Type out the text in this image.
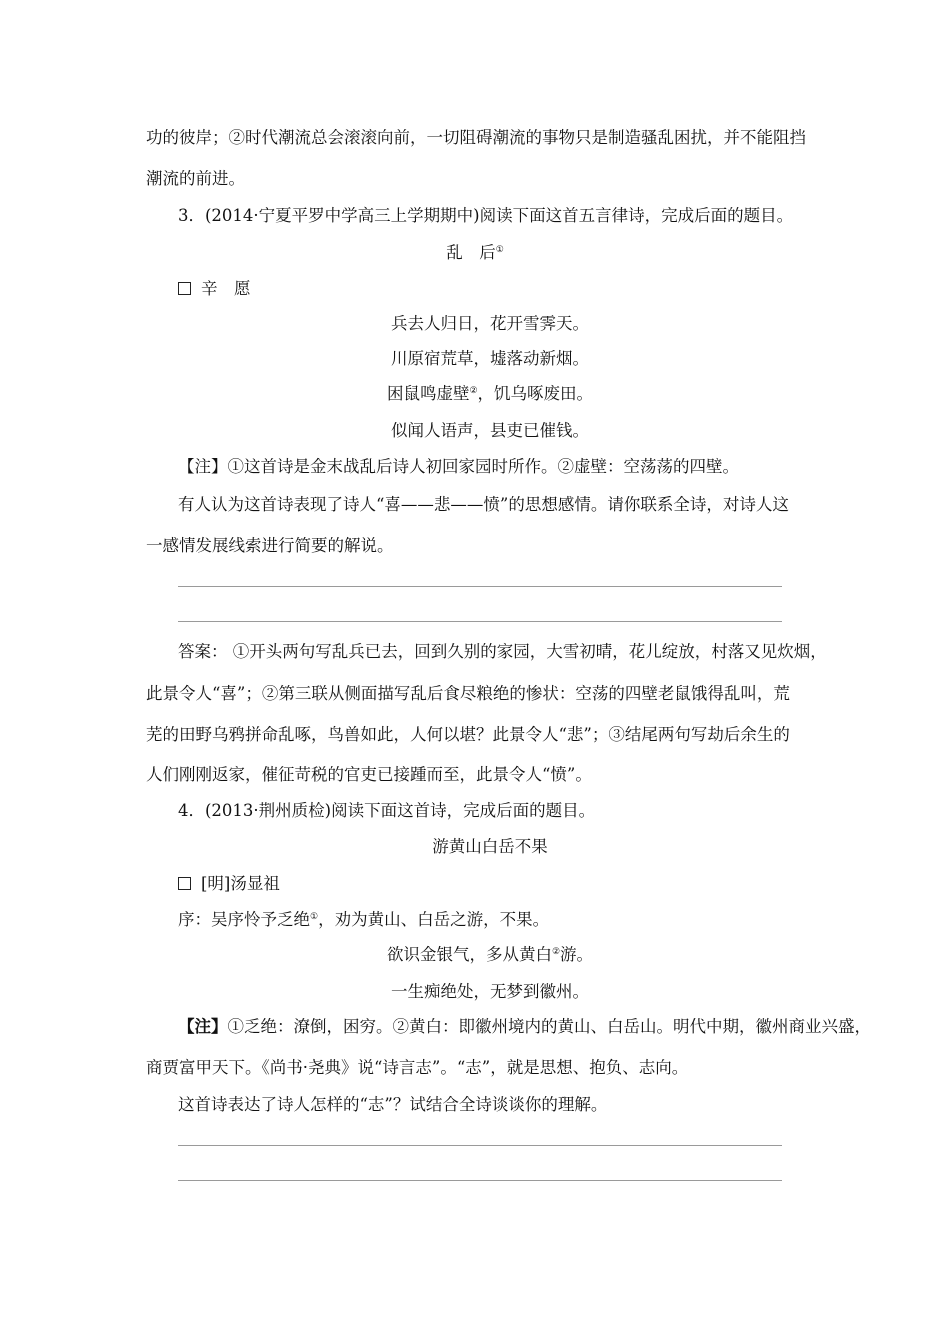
功的彼岸；②时代潮流总会滚滚向前，一切阻碍潮流的事物只是制造骚乱困扰，并不能阻挡
潮流的前进。
3．(2014·宁夏平罗中学高三上学期期中)阅读下面这首五言律诗，完成后面的题目。
乱　后①
辛　愿
兵去人归日，花开雪霁天。
川原宿荒草，墟落动新烟。
困鼠鸣虚壁②，饥乌啄废田。
似闻人语声，县吏已催钱。
【注】①这首诗是金末战乱后诗人初回家园时所作。②虚壁：空荡荡的四壁。
有人认为这首诗表现了诗人“喜——悲——愤”的思想感情。请你联系全诗，对诗人这
一感情发展线索进行简要的解说。
答案： ①开头两句写乱兵已去，回到久别的家园，大雪初晴，花儿绽放，村落又见炊烟，
此景令人“喜”；②第三联从侧面描写乱后食尽粮绝的惨状：空荡的四壁老鼠饿得乱叫，荒
芜的田野乌鸦拼命乱啄，鸟兽如此，人何以堪？此景令人“悲”；③结尾两句写劫后余生的
人们刚刚返家，催征苛税的官吏已接踵而至，此景令人“愤”。
4．(2013·荆州质检)阅读下面这首诗，完成后面的题目。
游黄山白岳不果
[明]汤显祖
序：吴序怜予乏绝①，劝为黄山、白岳之游，不果。
欲识金银气，多从黄白②游。
一生痴绝处，无梦到徽州。
【注】①乏绝：潦倒，困穷。②黄白：即徽州境内的黄山、白岳山。明代中期，徽州商业兴盛，
商贾富甲天下。《尚书·尧典》说“诗言志”。“志”，就是思想、抱负、志向。
这首诗表达了诗人怎样的“志”？试结合全诗谈谈你的理解。
